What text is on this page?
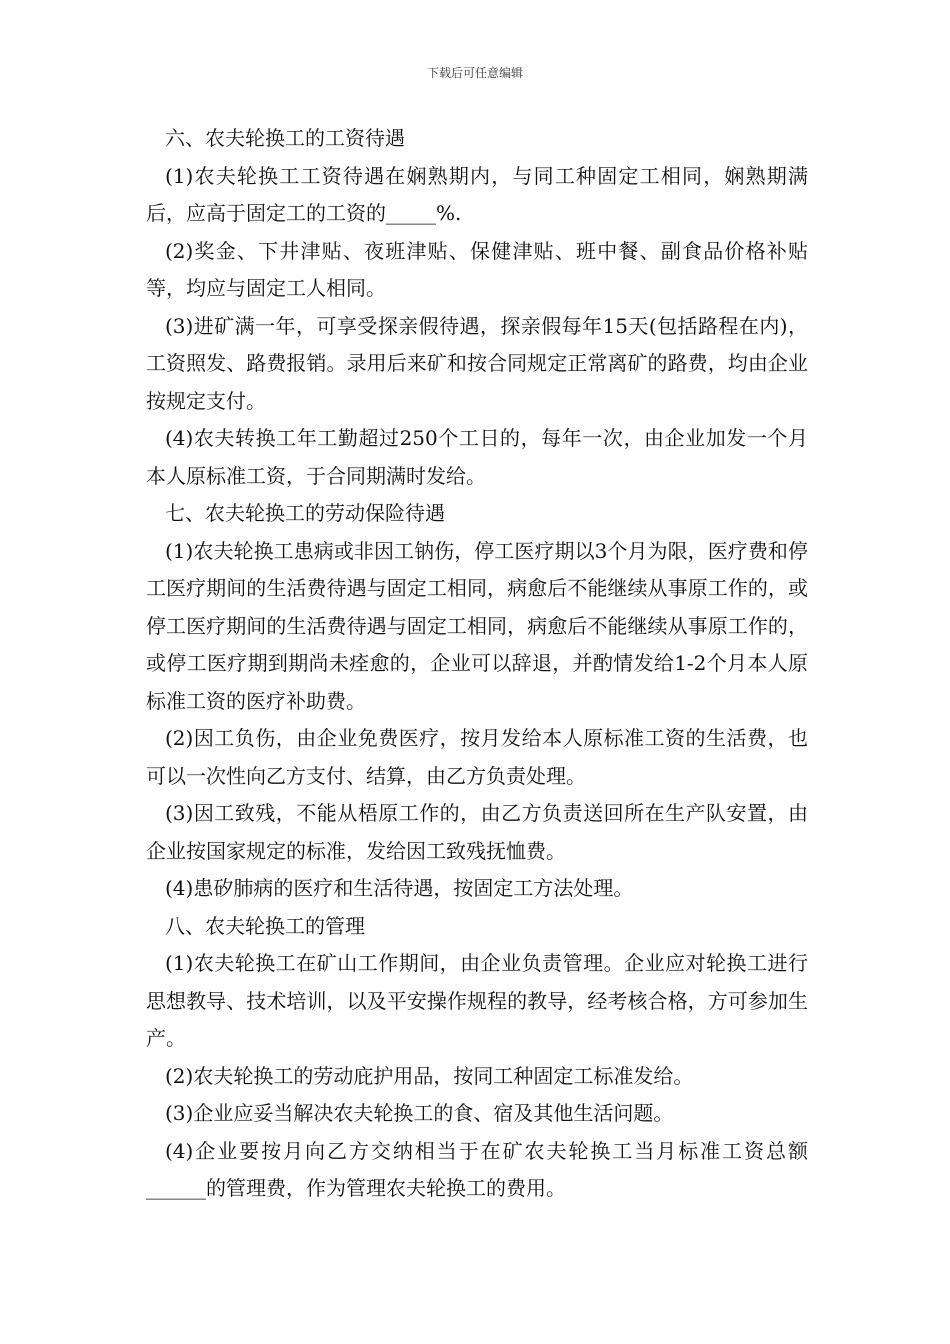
下载后可任意编辑

六、农夫轮换工的工资待遇

(1)农夫轮换工工资待遇在娴熟期内，与同工种固定工相同，娴熟期满后，应高于固定工的工资的_____%.

(2)奖金、下井津贴、夜班津贴、保健津贴、班中餐、副食品价格补贴等，均应与固定工人相同。

(3)进矿满一年，可享受探亲假待遇，探亲假每年15天(包括路程在内)，工资照发、路费报销。录用后来矿和按合同规定正常离矿的路费，均由企业按规定支付。

(4)农夫转换工年工勤超过250个工日的，每年一次，由企业加发一个月本人原标准工资，于合同期满时发给。

七、农夫轮换工的劳动保险待遇

(1)农夫轮换工患病或非因工钠伤，停工医疗期以3个月为限，医疗费和停工医疗期间的生活费待遇与固定工相同，病愈后不能继续从事原工作的，或停工医疗期间的生活费待遇与固定工相同，病愈后不能继续从事原工作的，或停工医疗期到期尚未痊愈的，企业可以辞退，并酌情发给1-2个月本人原标准工资的医疗补助费。

(2)因工负伤，由企业免费医疗，按月发给本人原标准工资的生活费，也可以一次性向乙方支付、结算，由乙方负责处理。

(3)因工致残，不能从梧原工作的，由乙方负责送回所在生产队安置，由企业按国家规定的标准，发给因工致残抚恤费。

(4)患矽肺病的医疗和生活待遇，按固定工方法处理。

八、农夫轮换工的管理

(1)农夫轮换工在矿山工作期间，由企业负责管理。企业应对轮换工进行思想教导、技术培训，以及平安操作规程的教导，经考核合格，方可参加生产。

(2)农夫轮换工的劳动庇护用品，按同工种固定工标准发给。

(3)企业应妥当解决农夫轮换工的食、宿及其他生活问题。

(4)企业要按月向乙方交纳相当于在矿农夫轮换工当月标准工资总额______的管理费，作为管理农夫轮换工的费用。
